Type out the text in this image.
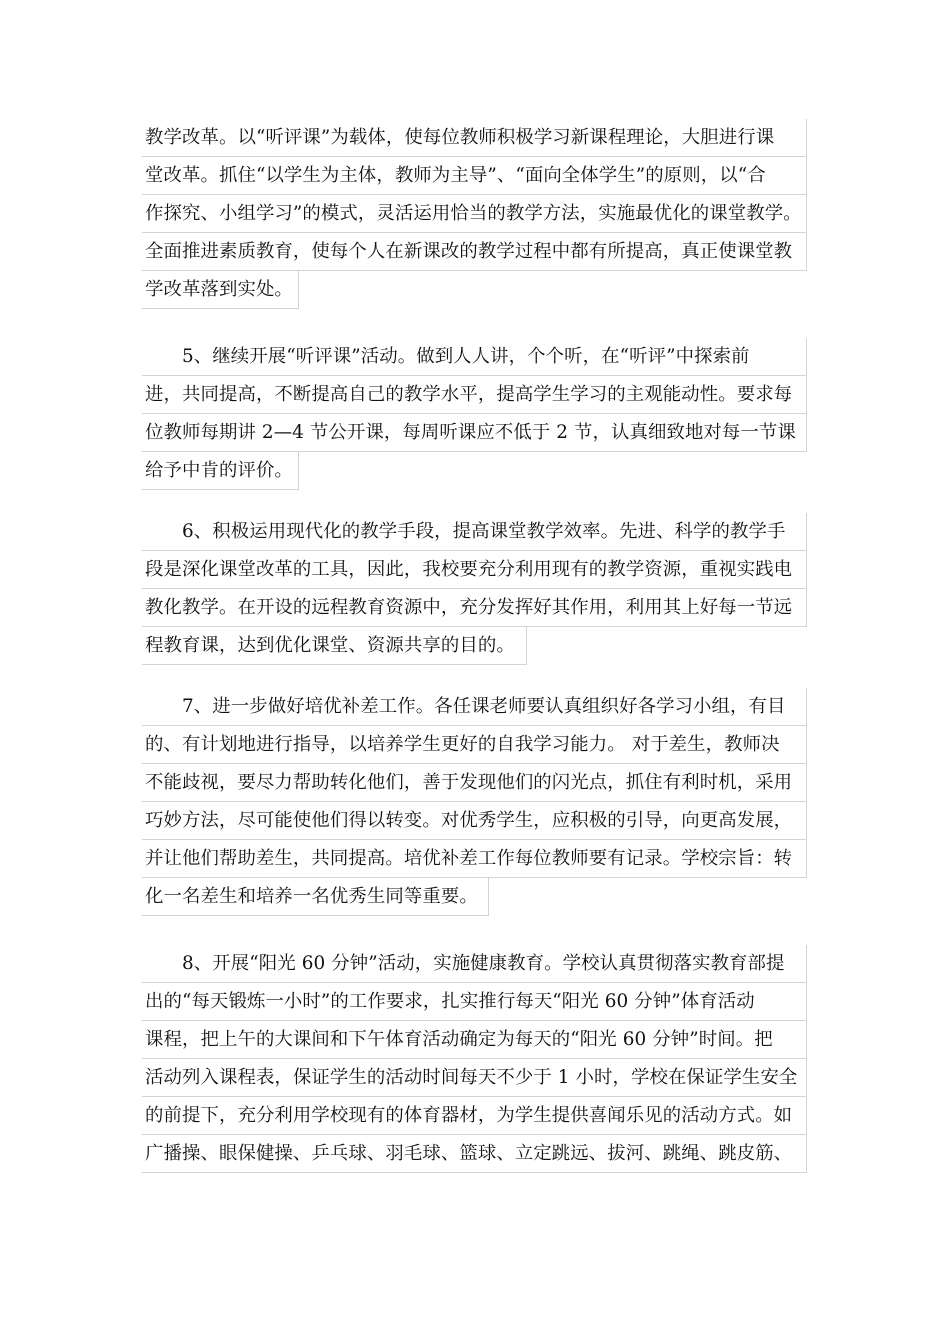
教学改革。以“听评课”为载体，使每位教师积极学习新课程理论，大胆进行课
堂改革。抓住“以学生为主体，教师为主导”、“面向全体学生”的原则，以“合
作探究、小组学习”的模式，灵活运用恰当的教学方法，实施最优化的课堂教学。
全面推进素质教育，使每个人在新课改的教学过程中都有所提高，真正使课堂教
学改革落到实处。
5、继续开展“听评课”活动。做到人人讲，个个听，在“听评”中探索前
进，共同提高，不断提高自己的教学水平，提高学生学习的主观能动性。要求每
位教师每期讲 2—4 节公开课，每周听课应不低于 2 节，认真细致地对每一节课
给予中肯的评价。
6、积极运用现代化的教学手段，提高课堂教学效率。先进、科学的教学手
段是深化课堂改革的工具，因此，我校要充分利用现有的教学资源，重视实践电
教化教学。在开设的远程教育资源中，充分发挥好其作用，利用其上好每一节远
程教育课，达到优化课堂、资源共享的目的。
7、进一步做好培优补差工作。各任课老师要认真组织好各学习小组，有目
的、有计划地进行指导，以培养学生更好的自我学习能力。 对于差生，教师决
不能歧视，要尽力帮助转化他们，善于发现他们的闪光点，抓住有利时机，采用
巧妙方法，尽可能使他们得以转变。对优秀学生，应积极的引导，向更高发展，
并让他们帮助差生，共同提高。培优补差工作每位教师要有记录。学校宗旨：转
化一名差生和培养一名优秀生同等重要。
8、开展“阳光 60 分钟”活动，实施健康教育。学校认真贯彻落实教育部提
出的“每天锻炼一小时”的工作要求，扎实推行每天“阳光 60 分钟”体育活动
课程，把上午的大课间和下午体育活动确定为每天的“阳光 60 分钟”时间。把
活动列入课程表，保证学生的活动时间每天不少于 1 小时，学校在保证学生安全
的前提下，充分利用学校现有的体育器材，为学生提供喜闻乐见的活动方式。如
广播操、眼保健操、乒乓球、羽毛球、篮球、立定跳远、拔河、跳绳、跳皮筋、
